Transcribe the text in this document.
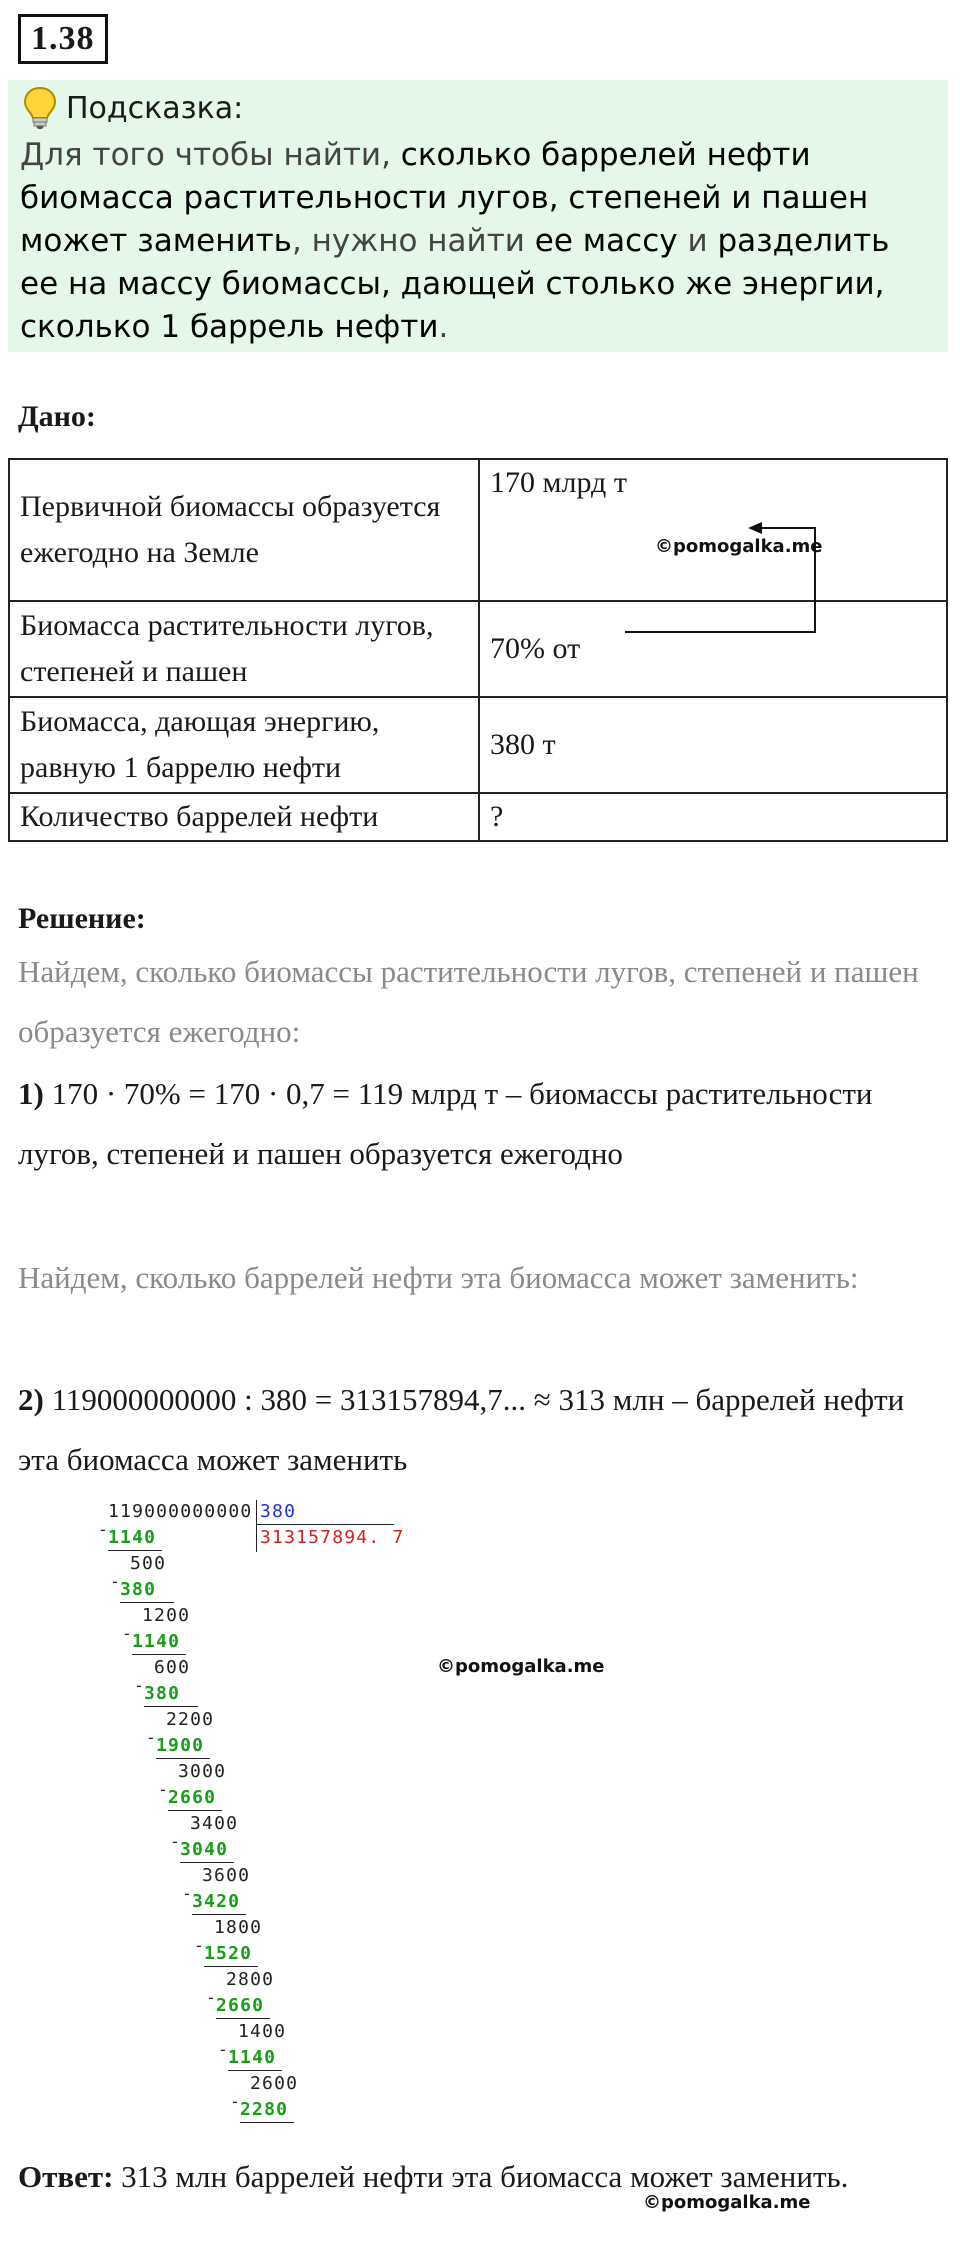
1.38
Подсказка:
Для того чтобы найти, сколько баррелей нефти биомасса растительности лугов, степеней и пашен может заменить, нужно найти ее массу и разделить ее на массу биомассы, дающей столько же энергии, сколько 1 баррель нефти.
Дано:
Первичной биомассы образуется ежегодно на Земле	170 млрд т
Биомасса растительности лугов, степеней и пашен	70% от
Биомасса, дающая энергию, равную 1 баррелю нефти	380 т
Количество баррелей нефти	?
©pomogalka.me
Решение:
Найдем, сколько биомассы растительности лугов, степеней и пашен образуется ежегодно:
1) 170 · 70% = 170 · 0,7 = 119 млрд т – биомассы растительности лугов, степеней и пашен образуется ежегодно
Найдем, сколько баррелей нефти эта биомасса может заменить:
2) 119000000000 : 380 = 313157894,7... ≈ 313 млн – баррелей нефти эта биомасса может заменить
119000000000 380
313157894. 7
- 1140
500
- 380
1200
- 1140
600
- 380
2200
- 1900
3000
- 2660
3400
- 3040
3600
- 3420
1800
- 1520
2800
- 2660
1400
- 1140
2600
- 2280
©pomogalka.me
Ответ: 313 млн баррелей нефти эта биомасса может заменить.
©pomogalka.me
